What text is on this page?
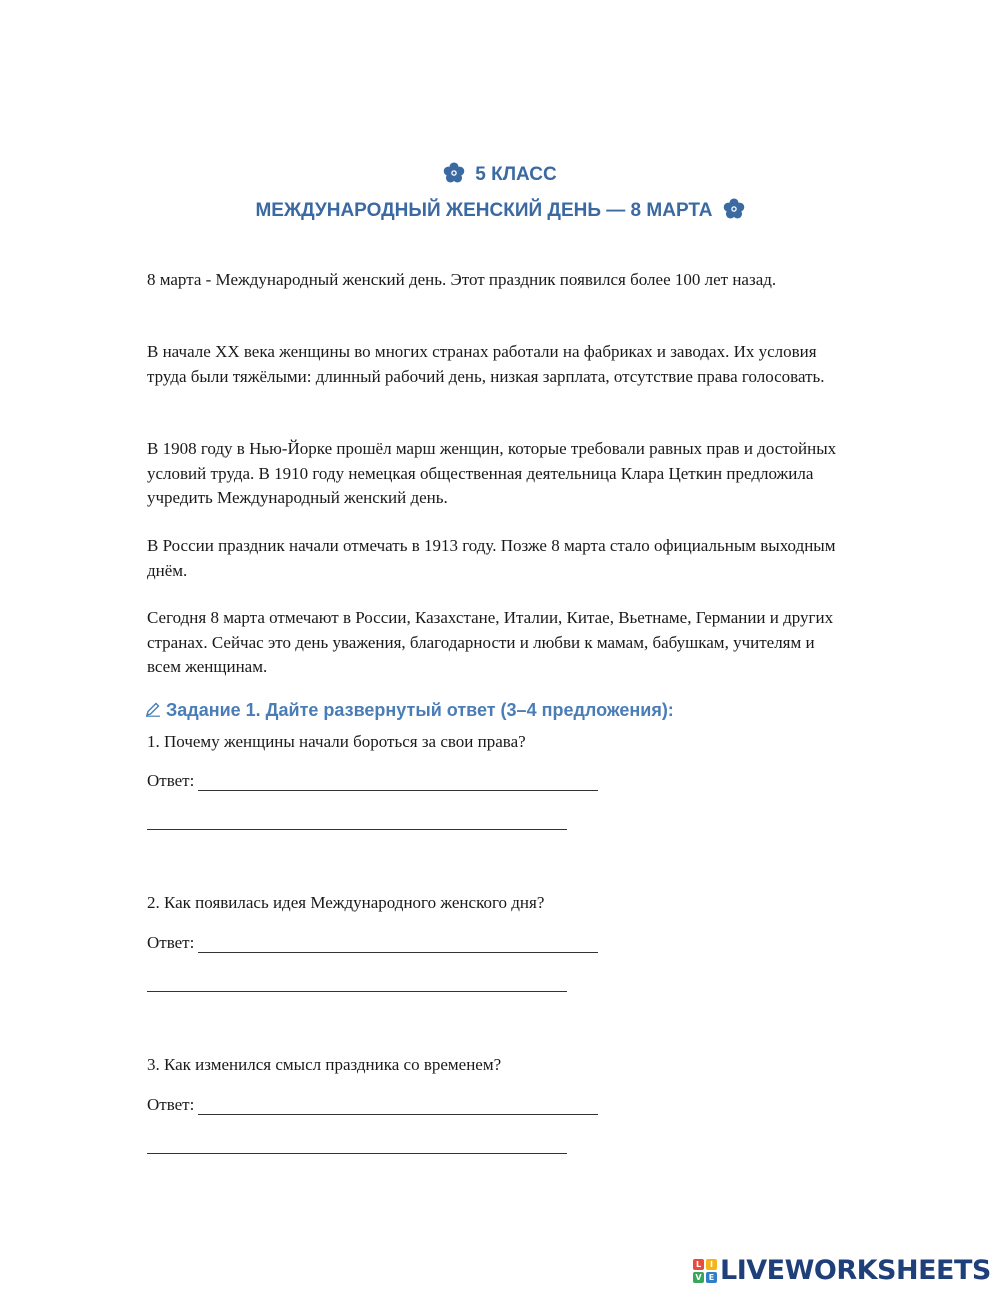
5 КЛАСС
МЕЖДУНАРОДНЫЙ ЖЕНСКИЙ ДЕНЬ — 8 МАРТА

8 марта - Международный женский день. Этот праздник появился более 100 лет назад.

В начале XX века женщины во многих странах работали на фабриках и заводах. Их условия труда были тяжёлыми: длинный рабочий день, низкая зарплата, отсутствие права голосовать.

В 1908 году в Нью-Йорке прошёл марш женщин, которые требовали равных прав и достойных условий труда. В 1910 году немецкая общественная деятельница Клара Цеткин предложила учредить Международный женский день.

В России праздник начали отмечать в 1913 году. Позже 8 марта стало официальным выходным днём.

Сегодня 8 марта отмечают в России, Казахстане, Италии, Китае, Вьетнаме, Германии и других странах. Сейчас это день уважения, благодарности и любви к мамам, бабушкам, учителям и всем женщинам.

Задание 1. Дайте развернутый ответ (3–4 предложения):
1. Почему женщины начали бороться за свои права?
Ответ:
2. Как появилась идея Международного женского дня?
Ответ:
3. Как изменился смысл праздника со временем?
Ответ:
L	I
V E LIVEWORKSHEETS
